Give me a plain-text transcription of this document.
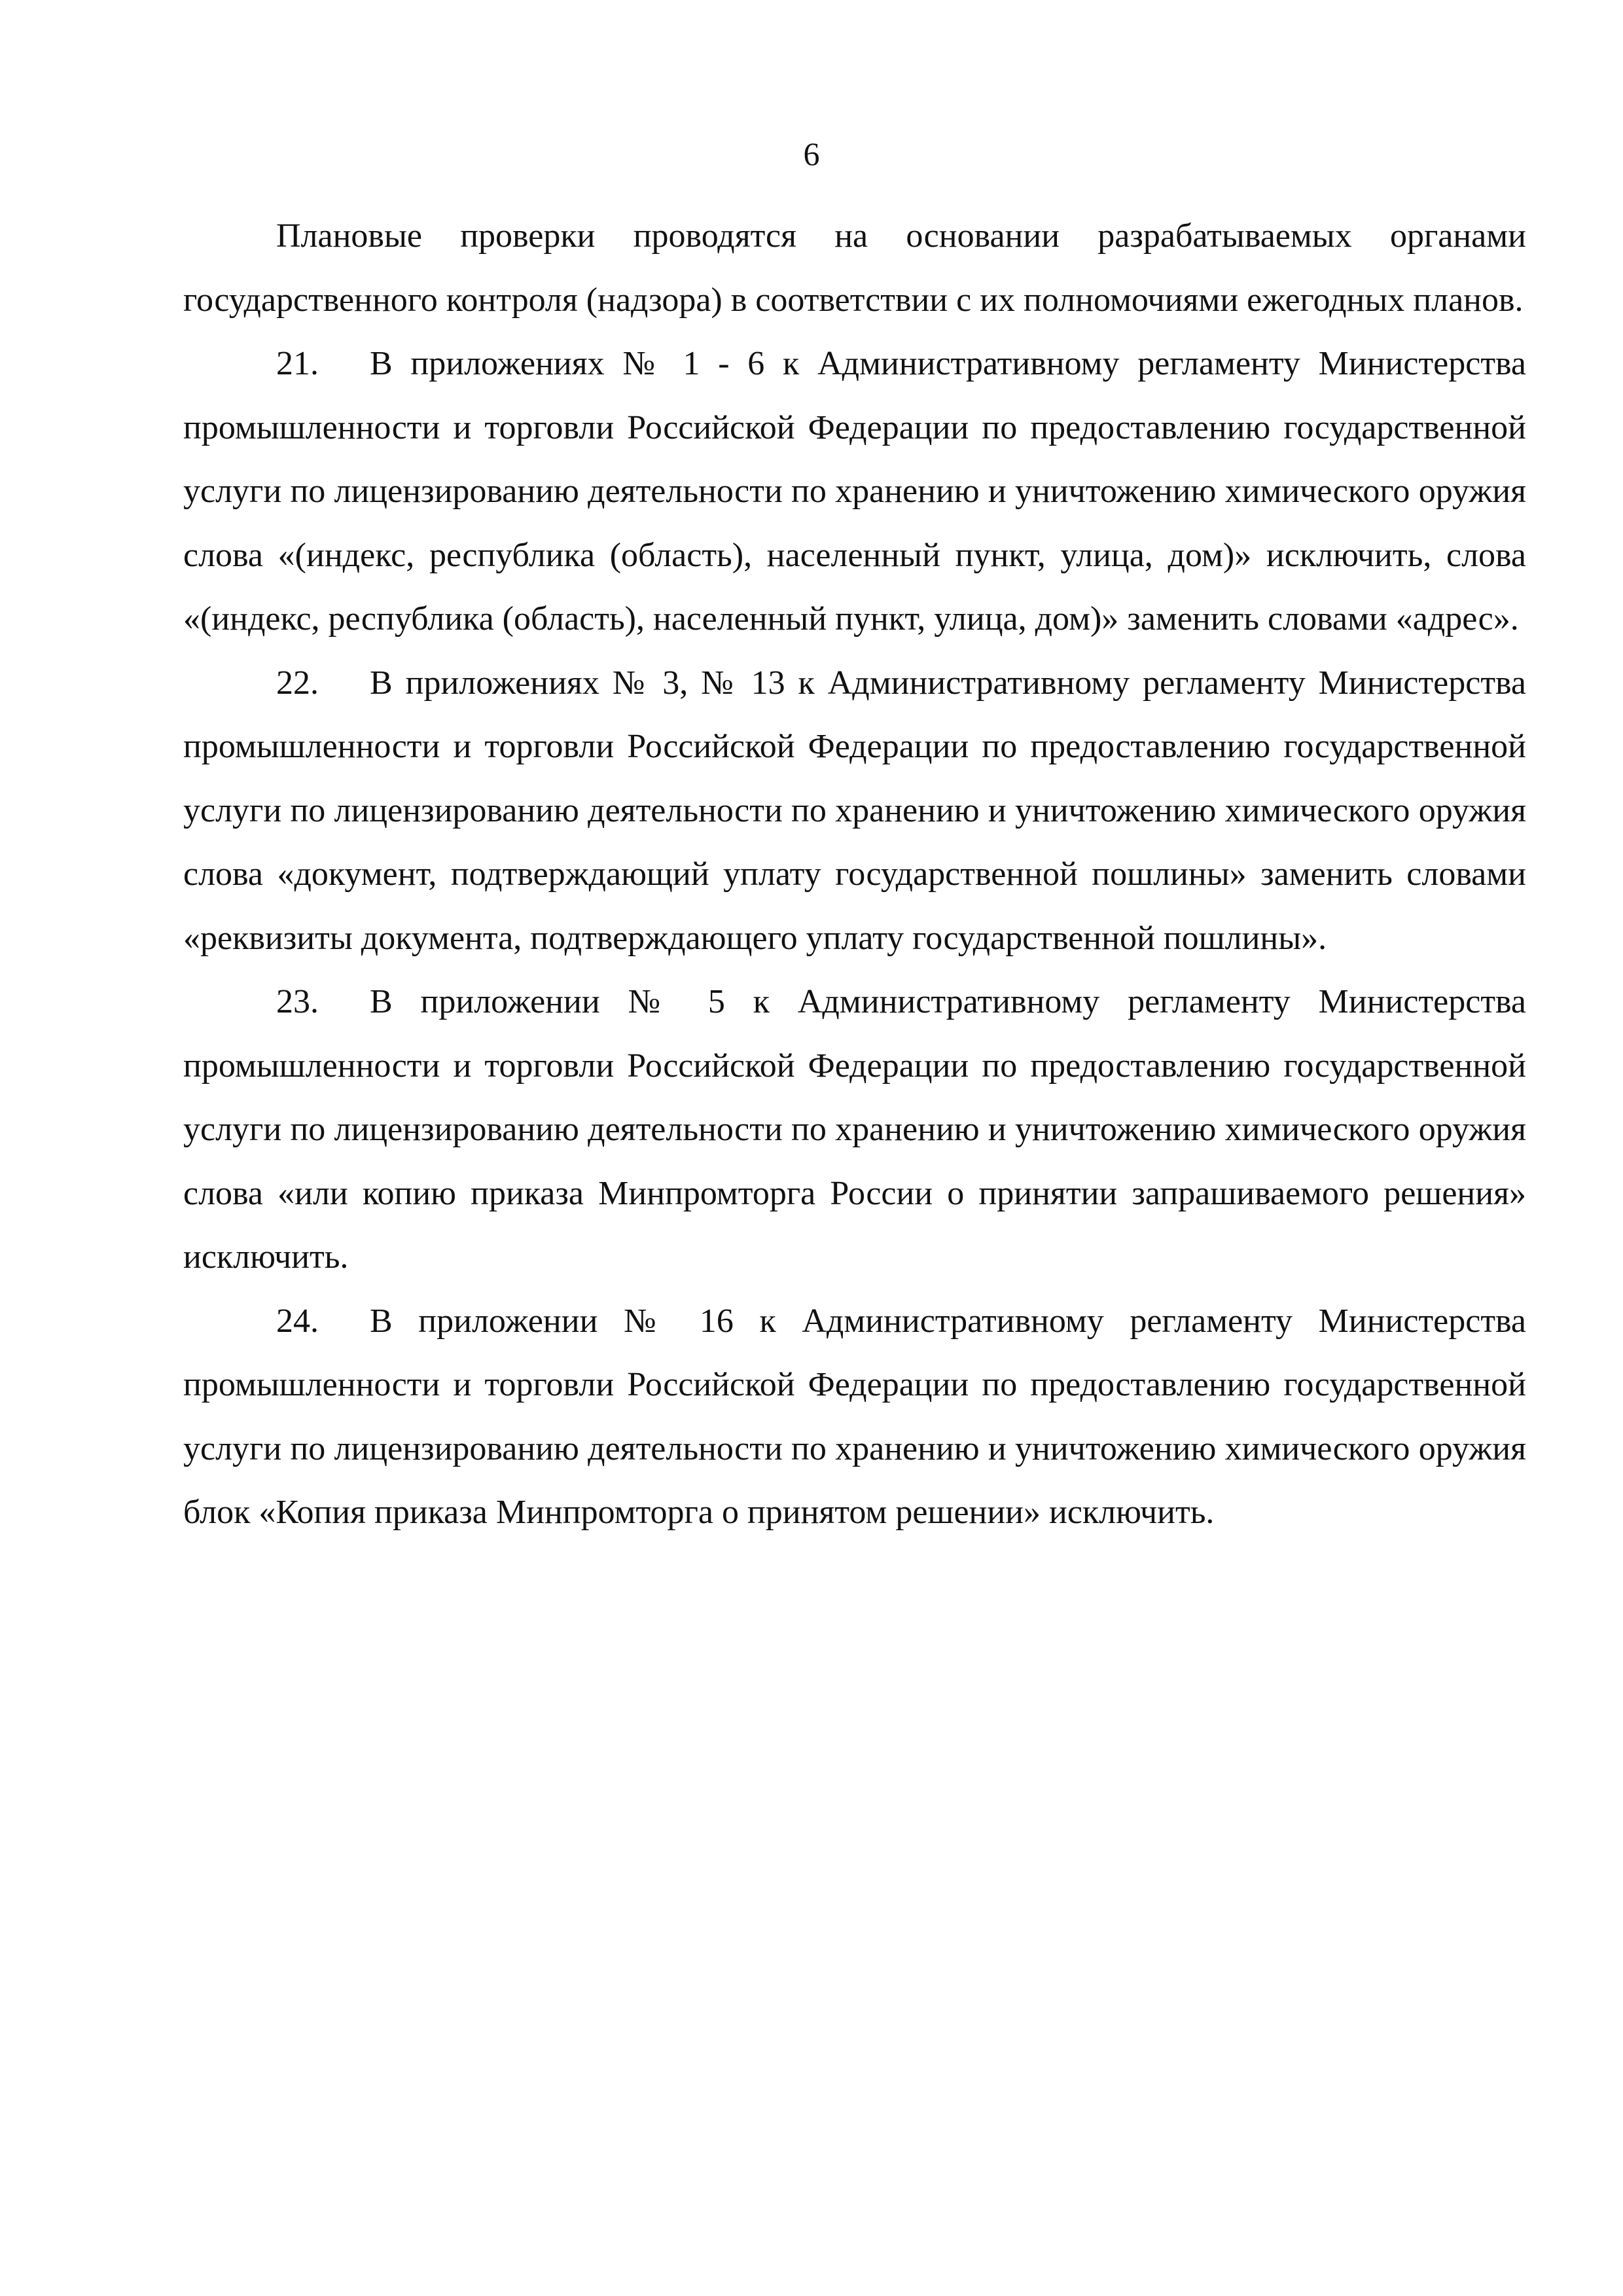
6

Плановые проверки проводятся на основании разрабатываемых органами государственного контроля (надзора) в соответствии с их полномочиями ежегодных планов.

21.  В приложениях № 1 - 6 к Административному регламенту Министерства промышленности и торговли Российской Федерации по предоставлению государственной услуги по лицензированию деятельности по хранению и уничтожению химического оружия слова «(индекс, республика (область), населенный пункт, улица, дом)» исключить, слова «(индекс, республика (область), населенный пункт, улица, дом)» заменить словами «адрес».

22.  В приложениях № 3, № 13 к Административному регламенту Министерства промышленности и торговли Российской Федерации по предоставлению государственной услуги по лицензированию деятельности по хранению и уничтожению химического оружия слова «документ, подтверждающий уплату государственной пошлины» заменить словами «реквизиты документа, подтверждающего уплату государственной пошлины».

23.  В приложении № 5 к Административному регламенту Министерства промышленности и торговли Российской Федерации по предоставлению государственной услуги по лицензированию деятельности по хранению и уничтожению химического оружия слова «или копию приказа Минпромторга России о принятии запрашиваемого решения» исключить.

24.  В приложении № 16 к Административному регламенту Министерства промышленности и торговли Российской Федерации по предоставлению государственной услуги по лицензированию деятельности по хранению и уничтожению химического оружия блок «Копия приказа Минпромторга о принятом решении» исключить.
